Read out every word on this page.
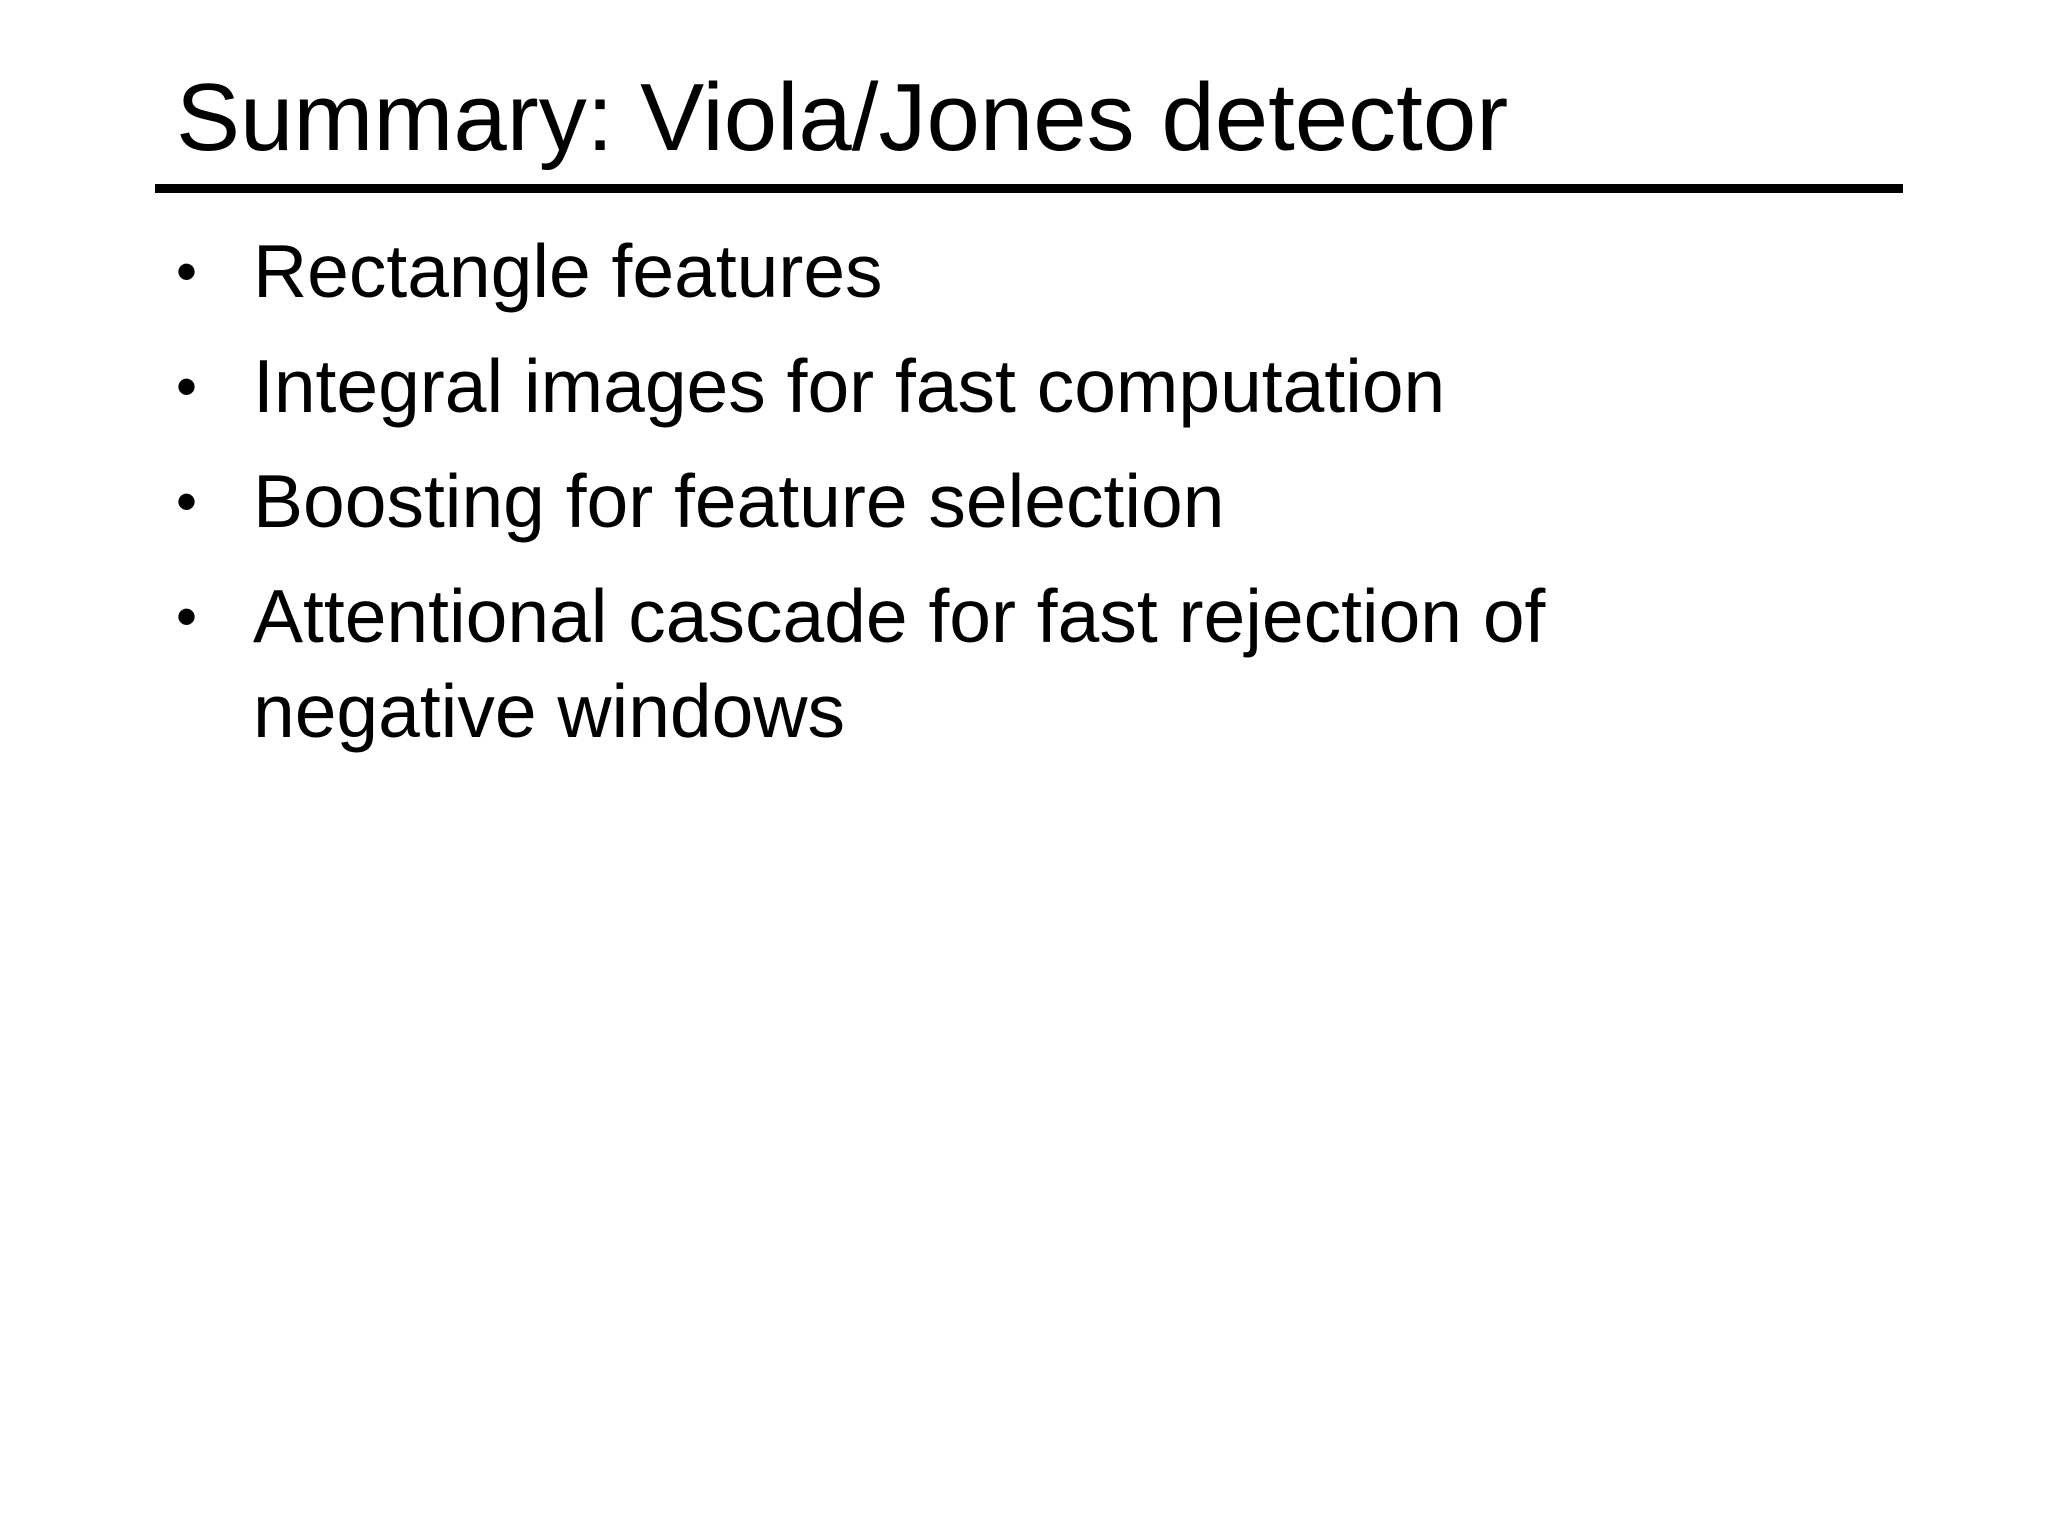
Summary: Viola/Jones detector
• Rectangle features
• Integral images for fast computation
• Boosting for feature selection
• Attentional cascade for fast rejection of negative windows
